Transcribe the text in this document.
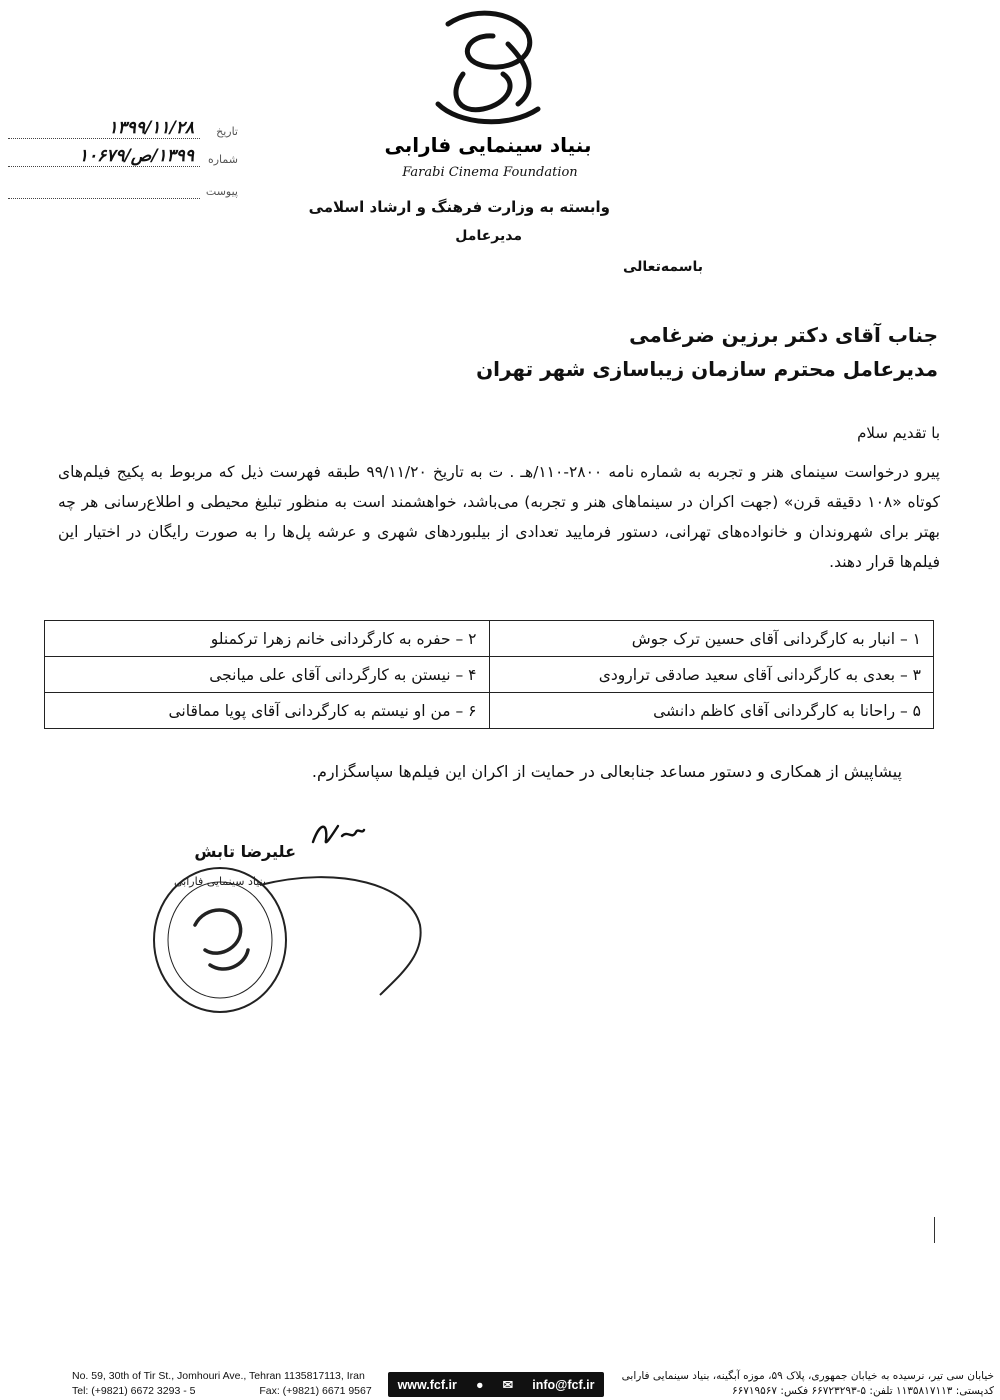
بنیاد سینمایی فارابی
Farabi Cinema Foundation
وابسته به وزارت فرهنگ و ارشاد اسلامی
مدیرعامل
تاریخ
۱۳۹۹/۱۱/۲۸
شماره
۱۳۹۹/ص/۱۰۶۷۹
پیوست
باسمه‌تعالی
جناب آقای دکتر برزین ضرغامی
مدیرعامل محترم سازمان زیباسازی شهر تهران
با تقدیم سلام
پیرو درخواست سینمای هنر و تجربه به شماره نامه ۲۸۰۰-۱۱۰/هـ . ت به تاریخ ۹۹/۱۱/۲۰ طبقه فهرست ذیل که مربوط به پکیج فیلم‌های کوتاه «۱۰۸ دقیقه قرن» (جهت اکران در سینماهای هنر و تجربه) می‌باشد، خواهشمند است به منظور تبلیغ محیطی و اطلاع‌رسانی هر چه بهتر برای شهروندان و خانواده‌های تهرانی، دستور فرمایید تعدادی از بیلبوردهای شهری و عرشه پل‌ها را به صورت رایگان در اختیار این فیلم‌ها قرار دهند.
۱ – انبار به کارگردانی آقای حسین ترک جوش	۲ – حفره به کارگردانی خانم زهرا ترکمنلو
۳ – بعدی به کارگردانی آقای سعید صادقی ترارودی	۴ – نیستن به کارگردانی آقای علی میانجی
۵ – راحانا به کارگردانی آقای کاظم دانشی	۶ – من او نیستم به کارگردانی آقای پویا مماقانی
پیشاپیش از همکاری و دستور مساعد جنابعالی در حمایت از اکران این فیلم‌ها سپاسگزارم.
علیرضا تابش
بنیاد سینمایی فارابی
No. 59, 30th of Tir St., Jomhouri Ave., Tehran 1135817113, Iran
Tel: (+9821) 6672 3293 - 5	Fax: (+9821) 6671 9567 www.fcf.ir ● ✉ info@fcf.ir
خیابان سی تیر، نرسیده به خیابان جمهوری، پلاک ۵۹، موزه آبگینه، بنیاد سینمایی فارابی
کدپستی: ۱۱۳۵۸۱۷۱۱۳ تلفن: ۵-۶۶۷۲۳۲۹۳ فکس: ۶۶۷۱۹۵۶۷
